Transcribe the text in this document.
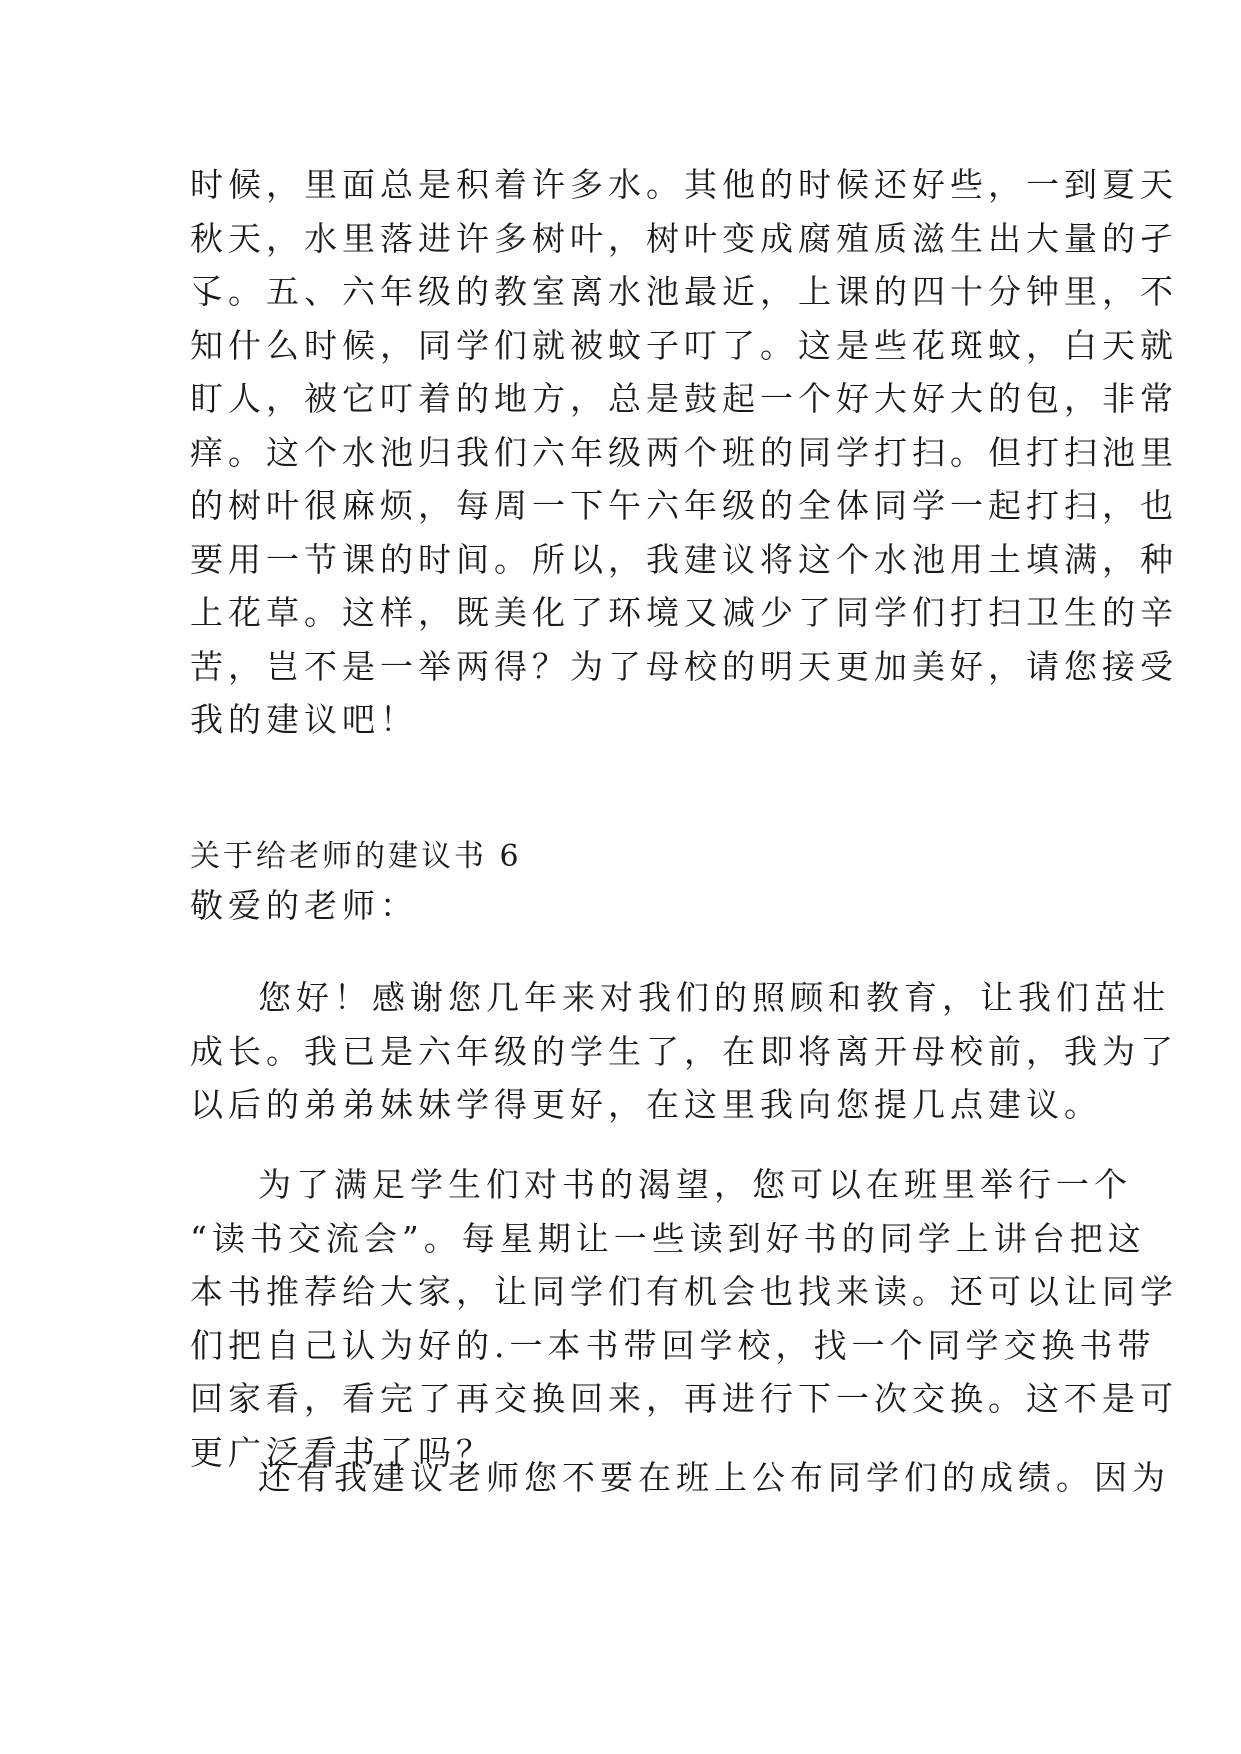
时候，里面总是积着许多水。其他的时候还好些，一到夏天
秋天，水里落进许多树叶，树叶变成腐殖质滋生出大量的孑
孓。五、六年级的教室离水池最近，上课的四十分钟里，不
知什么时候，同学们就被蚊子叮了。这是些花斑蚊，白天就
盯人，被它叮着的地方，总是鼓起一个好大好大的包，非常
痒。这个水池归我们六年级两个班的同学打扫。但打扫池里
的树叶很麻烦，每周一下午六年级的全体同学一起打扫，也
要用一节课的时间。所以，我建议将这个水池用土填满，种
上花草。这样，既美化了环境又减少了同学们打扫卫生的辛
苦，岂不是一举两得？为了母校的明天更加美好，请您接受
我的建议吧！
关于给老师的建议书 6
敬爱的老师：
您好！感谢您几年来对我们的照顾和教育，让我们茁壮
成长。我已是六年级的学生了，在即将离开母校前，我为了
以后的弟弟妹妹学得更好，在这里我向您提几点建议。
为了满足学生们对书的渴望，您可以在班里举行一个
“读书交流会”。每星期让一些读到好书的同学上讲台把这
本书推荐给大家，让同学们有机会也找来读。还可以让同学
们把自己认为好的.一本书带回学校，找一个同学交换书带
回家看，看完了再交换回来，再进行下一次交换。这不是可
更广泛看书了吗？
还有我建议老师您不要在班上公布同学们的成绩。因为
